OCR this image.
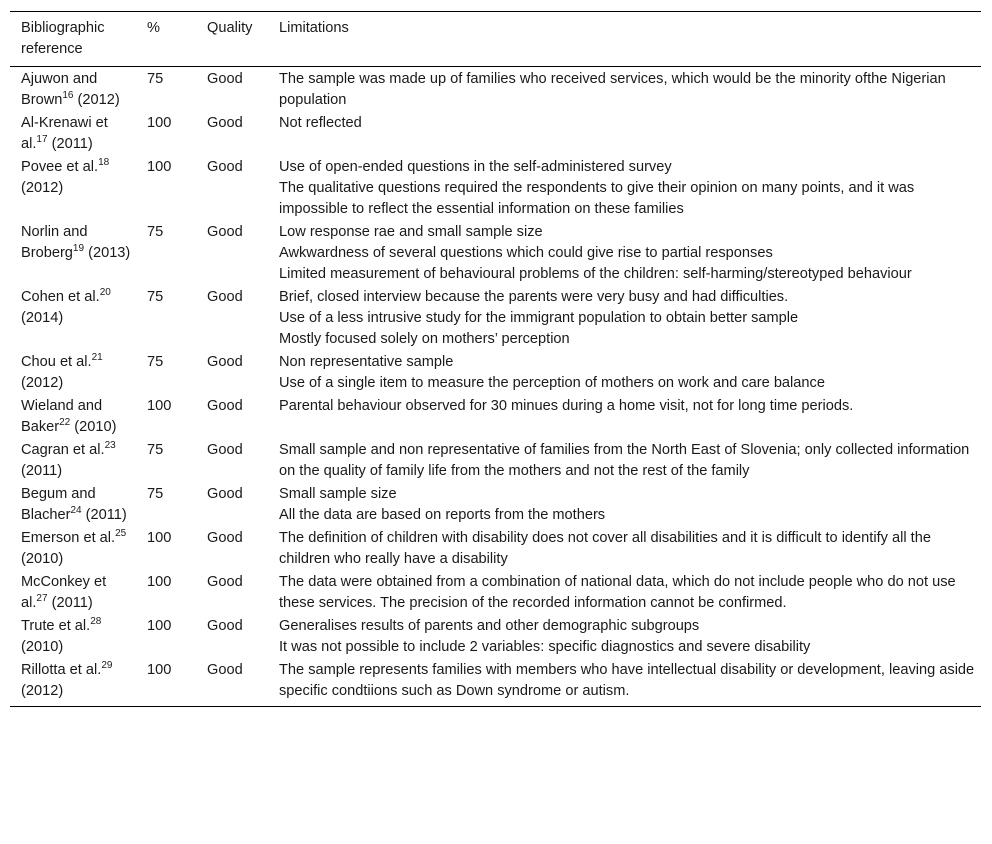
Bibliographic reference	%	Quality	Limitations
Ajuwon and Brown$^{16}$ (2012)	75	Good	The sample was made up of families who received services, which would be the minority ofthe Nigerian population

Al-Krenawi et al.$^{17}$ (2011)	100	Good	Not reflected

Povee et al.$^{18}$ (2012)	100	Good	Use of open-ended questions in the self-administered survey
The qualitative questions required the respondents to give their opinion on many points, and it was impossible to reflect the essential information on these families

Norlin and Broberg$^{19}$ (2013)	75	Good	Low response rae and small sample size
Awkwardness of several questions which could give rise to partial responses
Limited measurement of behavioural problems of the children: self-harming/stereotyped behaviour

Cohen et al.$^{20}$ (2014)	75	Good	Brief, closed interview because the parents were very busy and had difficulties.
Use of a less intrusive study for the immigrant population to obtain better sample
Mostly focused solely on mothers’ perception

Chou et al.$^{21}$ (2012)	75	Good	Non representative sample
Use of a single item to measure the perception of mothers on work and care balance

Wieland and Baker$^{22}$ (2010)	100	Good	Parental behaviour observed for 30 minues during a home visit, not for long time periods.

Cagran et al.$^{23}$ (2011)	75	Good	Small sample and non representative of families from the North East of Slovenia; only collected information on the quality of family life from the mothers and not the rest of the family

Begum and Blacher$^{24}$ (2011)	75	Good	Small sample size
All the data are based on reports from the mothers

Emerson et al.$^{25}$ (2010)	100	Good	The definition of children with disability does not cover all disabilities and it is difficult to identify all the children who really have a disability

McConkey et al.$^{27}$ (2011)	100	Good	The data were obtained from a combination of national data, which do not include people who do not use these services. The precision of the recorded information cannot be confirmed.

Trute et al.$^{28}$ (2010)	100	Good	Generalises results of parents and other demographic subgroups
It was not possible to include 2 variables: specific diagnostics and severe disability

Rillotta et al.$^{29}$ (2012)	100	Good	The sample represents families with members who have intellectual disability or development, leaving aside specific condtiions such as Down syndrome or autism.
